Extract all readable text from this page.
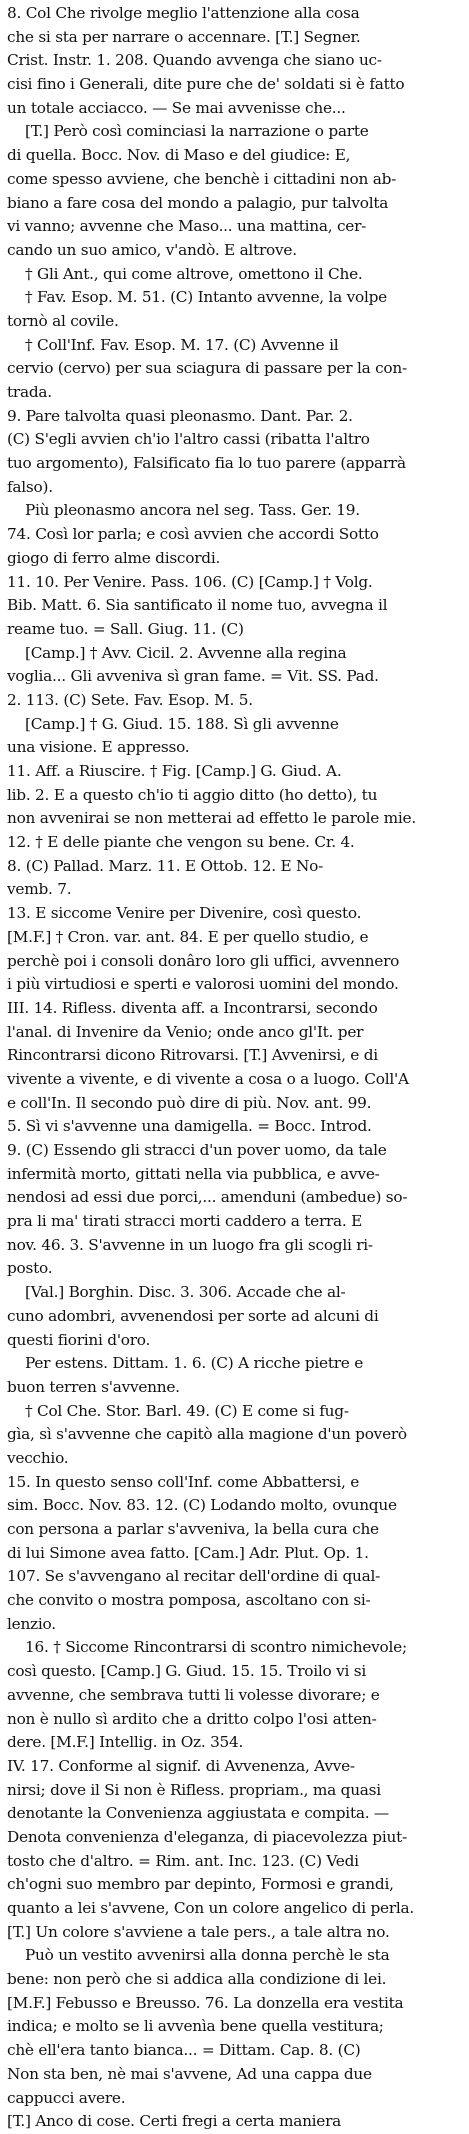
8. Col Che rivolge meglio l'attenzione alla cosa
che si sta per narrare o accennare. [T.] Segner.
Crist. Instr. 1. 208. Quando avvenga che siano uc-
cisi fino i Generali, dite pure che de' soldati si è fatto
un totale acciacco. — Se mai avvenisse che...
[T.] Però così cominciasi la narrazione o parte
di quella. Bocc. Nov. di Maso e del giudice: E,
come spesso avviene, che benchè i cittadini non ab-
biano a fare cosa del mondo a palagio, pur talvolta
vi vanno; avvenne che Maso... una mattina, cer-
cando un suo amico, v'andò. E altrove.
† Gli Ant., qui come altrove, omettono il Che.
† Fav. Esop. M. 51. (C) Intanto avvenne, la volpe
tornò al covile.
† Coll'Inf. Fav. Esop. M. 17. (C) Avvenne il
cervio (cervo) per sua sciagura di passare per la con-
trada.
9. Pare talvolta quasi pleonasmo. Dant. Par. 2.
(C) S'egli avvien ch'io l'altro cassi (ribatta l'altro
tuo argomento), Falsificato fia lo tuo parere (apparrà
falso).
Più pleonasmo ancora nel seg. Tass. Ger. 19.
74. Così lor parla; e così avvien che accordi Sotto
giogo di ferro alme discordi.
11. 10. Per Venire. Pass. 106. (C) [Camp.] † Volg.
Bib. Matt. 6. Sia santificato il nome tuo, avvegna il
reame tuo. = Sall. Giug. 11. (C)
[Camp.] † Avv. Cicil. 2. Avvenne alla regina
voglia... Gli avveniva sì gran fame. = Vit. SS. Pad.
2. 113. (C) Sete. Fav. Esop. M. 5.
[Camp.] † G. Giud. 15. 188. Sì gli avvenne
una visione. E appresso.
11. Aff. a Riuscire. † Fig. [Camp.] G. Giud. A.
lib. 2. E a questo ch'io ti aggio ditto (ho detto), tu
non avvenirai se non metterai ad effetto le parole mie.
12. † E delle piante che vengon su bene. Cr. 4.
8. (C) Pallad. Marz. 11. E Ottob. 12. E No-
vemb. 7.
13. E siccome Venire per Divenire, così questo.
[M.F.] † Cron. var. ant. 84. E per quello studio, e
perchè poi i consoli donâro loro gli uffici, avvennero
i più virtudiosi e sperti e valorosi uomini del mondo.
III. 14. Rifless. diventa aff. a Incontrarsi, secondo
l'anal. di Invenire da Venio; onde anco gl'It. per
Rincontrarsi dicono Ritrovarsi. [T.] Avvenirsi, e di
vivente a vivente, e di vivente a cosa o a luogo. Coll'A
e coll'In. Il secondo può dire di più. Nov. ant. 99.
5. Sì vi s'avvenne una damigella. = Bocc. Introd.
9. (C) Essendo gli stracci d'un pover uomo, da tale
infermità morto, gittati nella via pubblica, e avve-
nendosi ad essi due porci,... amenduni (ambedue) so-
pra li ma' tirati stracci morti caddero a terra. E
nov. 46. 3. S'avvenne in un luogo fra gli scogli ri-
posto.
[Val.] Borghin. Disc. 3. 306. Accade che al-
cuno adombri, avvenendosi per sorte ad alcuni di
questi fiorini d'oro.
Per estens. Dittam. 1. 6. (C) A ricche pietre e
buon terren s'avvenne.
† Col Che. Stor. Barl. 49. (C) E come si fug-
gìa, sì s'avvenne che capitò alla magione d'un poverò
vecchio.
15. In questo senso coll'Inf. come Abbattersi, e
sim. Bocc. Nov. 83. 12. (C) Lodando molto, ovunque
con persona a parlar s'avveniva, la bella cura che
di lui Simone avea fatto. [Cam.] Adr. Plut. Op. 1.
107. Se s'avvengano al recitar dell'ordine di qual-
che convito o mostra pomposa, ascoltano con si-
lenzio.
16. † Siccome Rincontrarsi di scontro nimichevole;
così questo. [Camp.] G. Giud. 15. 15. Troilo vi si
avvenne, che sembrava tutti li volesse divorare; e
non è nullo sì ardito che a dritto colpo l'osi atten-
dere. [M.F.] Intellig. in Oz. 354.
IV. 17. Conforme al signif. di Avvenenza, Avve-
nirsi; dove il Si non è Rifless. propriam., ma quasi
denotante la Convenienza aggiustata e compita. —
Denota convenienza d'eleganza, di piacevolezza piut-
tosto che d'altro. = Rim. ant. Inc. 123. (C) Vedi
ch'ogni suo membro par depinto, Formosi e grandi,
quanto a lei s'avvene, Con un colore angelico di perla.
[T.] Un colore s'avviene a tale pers., a tale altra no.
Può un vestito avvenirsi alla donna perchè le sta
bene: non però che si addica alla condizione di lei.
[M.F.] Febusso e Breusso. 76. La donzella era vestita
indica; e molto se li avvenìa bene quella vestitura;
chè ell'era tanto bianca... = Dittam. Cap. 8. (C)
Non sta ben, nè mai s'avvene, Ad una cappa due
cappucci avere.
[T.] Anco di cose. Certi fregi a certa maniera
